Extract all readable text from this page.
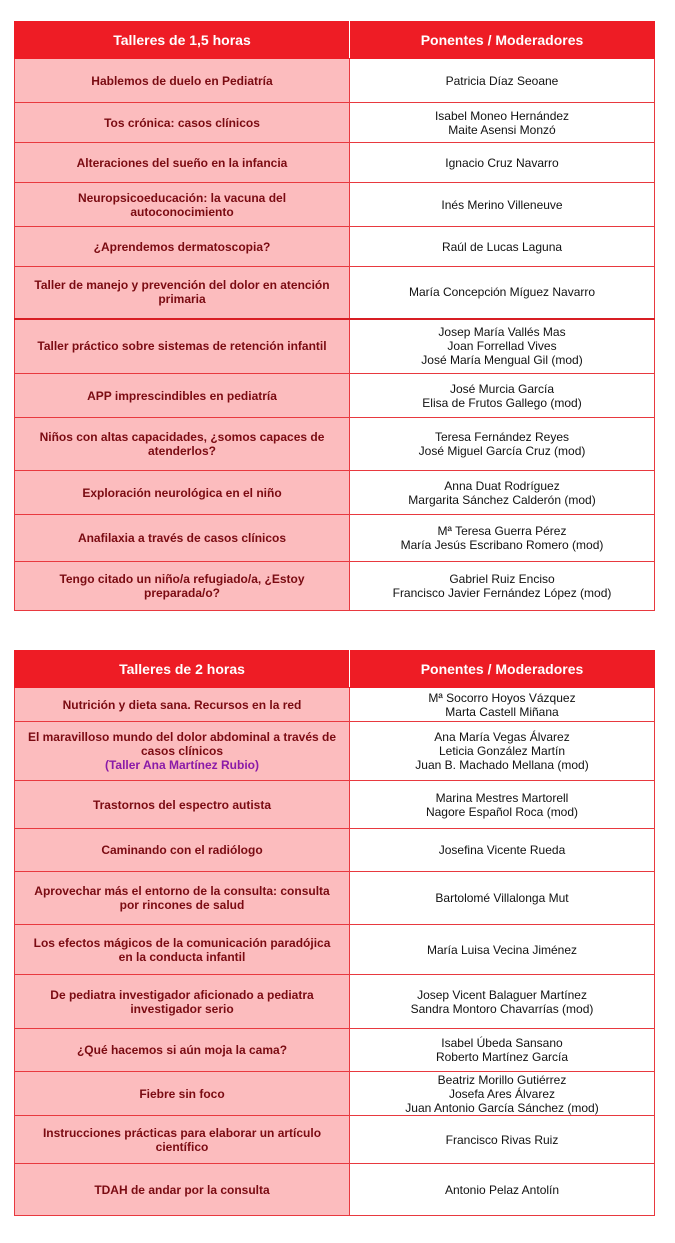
Talleres de 1,5 horas	Ponentes / Moderadores

Hablemos de duelo en Pediatría	Patricia Díaz Seoane

Tos crónica: casos clínicos	Isabel Moneo Hernández
Maite Asensi Monzó

Alteraciones del sueño en la infancia	Ignacio Cruz Navarro

Neuropsicoeducación: la vacuna del
autoconocimiento	Inés Merino Villeneuve

¿Aprendemos dermatoscopia?	Raúl de Lucas Laguna

Taller de manejo y prevención del dolor en atención
primaria	María Concepción Míguez Navarro

Taller práctico sobre sistemas de retención infantil	Josep María Vallés Mas
Joan Forrellad Vives
José María Mengual Gil (mod)

APP imprescindibles en pediatría	José Murcia García
Elisa de Frutos Gallego (mod)

Niños con altas capacidades, ¿somos capaces de
atenderlos?	Teresa Fernández Reyes
José Miguel García Cruz (mod)

Exploración neurológica en el niño	Anna Duat Rodríguez
Margarita Sánchez Calderón (mod)

Anafilaxia a través de casos clínicos	Mª Teresa Guerra Pérez
María Jesús Escribano Romero (mod)

Tengo citado un niño/a refugiado/a, ¿Estoy
preparada/o?	Gabriel Ruiz Enciso
Francisco Javier Fernández López (mod)
Talleres de 2 horas	Ponentes / Moderadores

Nutrición y dieta sana. Recursos en la red	Mª Socorro Hoyos Vázquez
Marta Castell Miñana

El maravilloso mundo del dolor abdominal a través de
casos clínicos
(Taller Ana Martínez Rubio)	Ana María Vegas Álvarez
Leticia González Martín
Juan B. Machado Mellana (mod)

Trastornos del espectro autista	Marina Mestres Martorell
Nagore Español Roca (mod)

Caminando con el radiólogo	Josefina Vicente Rueda

Aprovechar más el entorno de la consulta: consulta
por rincones de salud	Bartolomé Villalonga Mut

Los efectos mágicos de la comunicación paradójica
en la conducta infantil	María Luisa Vecina Jiménez

De pediatra investigador aficionado a pediatra
investigador serio	Josep Vicent Balaguer Martínez
Sandra Montoro Chavarrías (mod)

¿Qué hacemos si aún moja la cama?	Isabel Úbeda Sansano
Roberto Martínez García

Fiebre sin foco	Beatriz Morillo Gutiérrez
Josefa Ares Álvarez
Juan Antonio García Sánchez (mod)

Instrucciones prácticas para elaborar un artículo
científico	Francisco Rivas Ruiz

TDAH de andar por la consulta	Antonio Pelaz Antolín
